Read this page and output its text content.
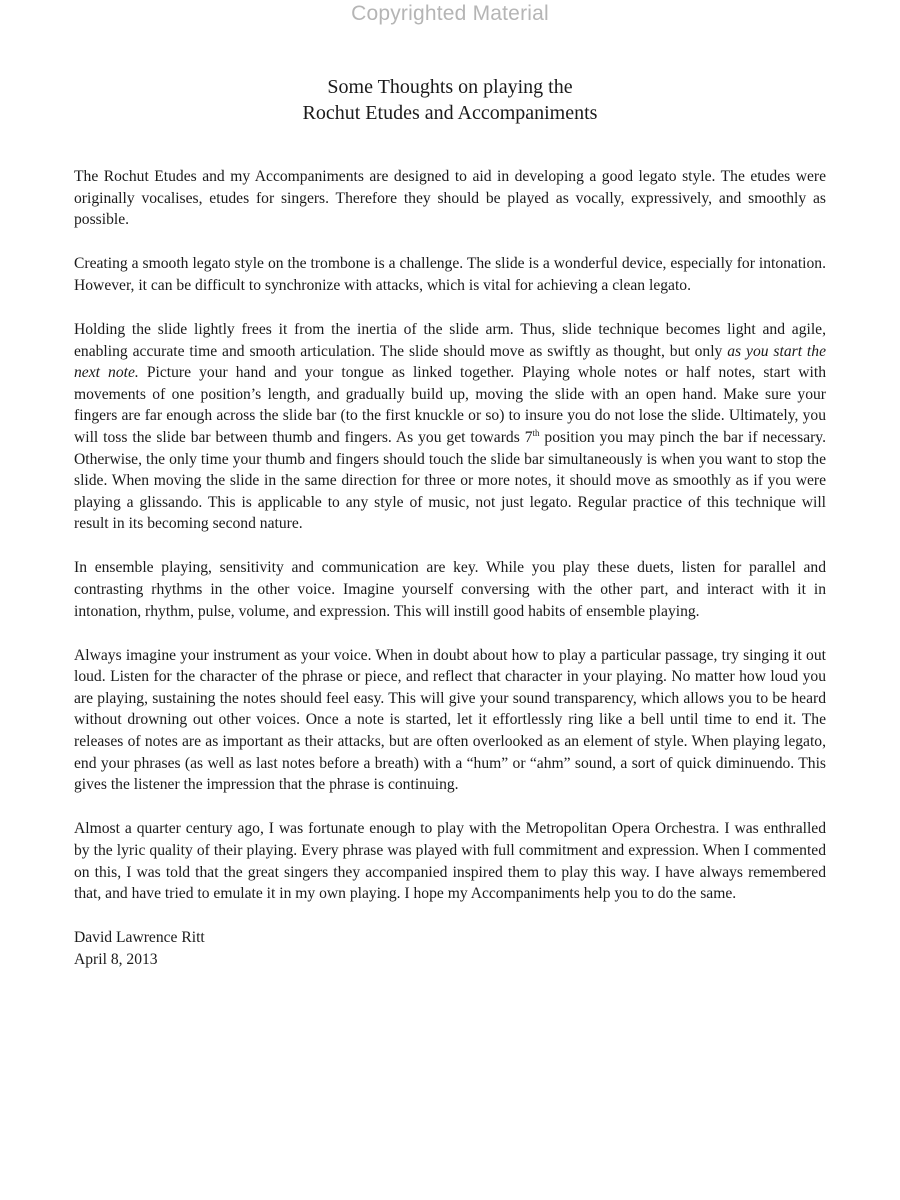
Copyrighted Material
Some Thoughts on playing the
Rochut Etudes and Accompaniments

The Rochut Etudes and my Accompaniments are designed to aid in developing a good legato style. The etudes were originally vocalises, etudes for singers. Therefore they should be played as vocally, expressively, and smoothly as possible.

Creating a smooth legato style on the trombone is a challenge. The slide is a wonderful device, especially for intonation. However, it can be difficult to synchronize with attacks, which is vital for achieving a clean legato.

Holding the slide lightly frees it from the inertia of the slide arm. Thus, slide technique becomes light and agile, enabling accurate time and smooth articulation. The slide should move as swiftly as thought, but only as you start the next note. Picture your hand and your tongue as linked together. Playing whole notes or half notes, start with movements of one position’s length, and gradually build up, moving the slide with an open hand. Make sure your fingers are far enough across the slide bar (to the first knuckle or so) to insure you do not lose the slide. Ultimately, you will toss the slide bar between thumb and fingers. As you get towards 7th position you may pinch the bar if necessary. Otherwise, the only time your thumb and fingers should touch the slide bar simultaneously is when you want to stop the slide. When moving the slide in the same direction for three or more notes, it should move as smoothly as if you were playing a glissando. This is applicable to any style of music, not just legato. Regular practice of this technique will result in its becoming second nature.

In ensemble playing, sensitivity and communication are key. While you play these duets, listen for parallel and contrasting rhythms in the other voice. Imagine yourself conversing with the other part, and interact with it in intonation, rhythm, pulse, volume, and expression. This will instill good habits of ensemble playing.

Always imagine your instrument as your voice. When in doubt about how to play a particular passage, try singing it out loud. Listen for the character of the phrase or piece, and reflect that character in your playing. No matter how loud you are playing, sustaining the notes should feel easy. This will give your sound transparency, which allows you to be heard without drowning out other voices. Once a note is started, let it effortlessly ring like a bell until time to end it. The releases of notes are as important as their attacks, but are often overlooked as an element of style. When playing legato, end your phrases (as well as last notes before a breath) with a “hum” or “ahm” sound, a sort of quick diminuendo. This gives the listener the impression that the phrase is continuing.

Almost a quarter century ago, I was fortunate enough to play with the Metropolitan Opera Orchestra. I was enthralled by the lyric quality of their playing. Every phrase was played with full commitment and expression. When I commented on this, I was told that the great singers they accompanied inspired them to play this way. I have always remembered that, and have tried to emulate it in my own playing. I hope my Accompaniments help you to do the same.

David Lawrence Ritt
April 8, 2013
